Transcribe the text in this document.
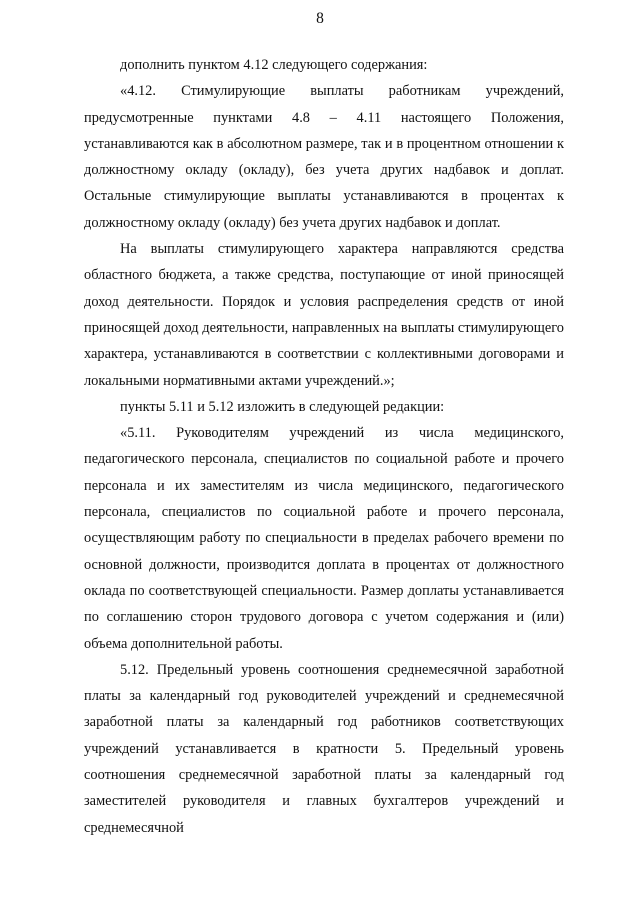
8

дополнить пунктом 4.12 следующего содержания:

«4.12. Стимулирующие выплаты работникам учреждений, предусмотренные пунктами 4.8 – 4.11 настоящего Положения, устанавливаются как в абсолютном размере, так и в процентном отношении к должностному окладу (окладу), без учета других надбавок и доплат. Остальные стимулирующие выплаты устанавливаются в процентах к должностному окладу (окладу) без учета других надбавок и доплат.

На выплаты стимулирующего характера направляются средства областного бюджета, а также средства, поступающие от иной приносящей доход деятельности. Порядок и условия распределения средств от иной приносящей доход деятельности, направленных на выплаты стимулирующего характера, устанавливаются в соответствии с коллективными договорами и локальными нормативными актами учреждений.»;

пункты 5.11 и 5.12 изложить в следующей редакции:

«5.11. Руководителям учреждений из числа медицинского, педагогического персонала, специалистов по социальной работе и прочего персонала и их заместителям из числа медицинского, педагогического персонала, специалистов по социальной работе и прочего персонала, осуществляющим работу по специальности в пределах рабочего времени по основной должности, производится доплата в процентах от должностного оклада по соответствующей специальности. Размер доплаты устанавливается по соглашению сторон трудового договора с учетом содержания и (или) объема дополнительной работы.

5.12. Предельный уровень соотношения среднемесячной заработной платы за календарный год руководителей учреждений и среднемесячной заработной платы за календарный год работников соответствующих учреждений устанавливается в кратности 5. Предельный уровень соотношения среднемесячной заработной платы за календарный год заместителей руководителя и главных бухгалтеров учреждений и среднемесячной
